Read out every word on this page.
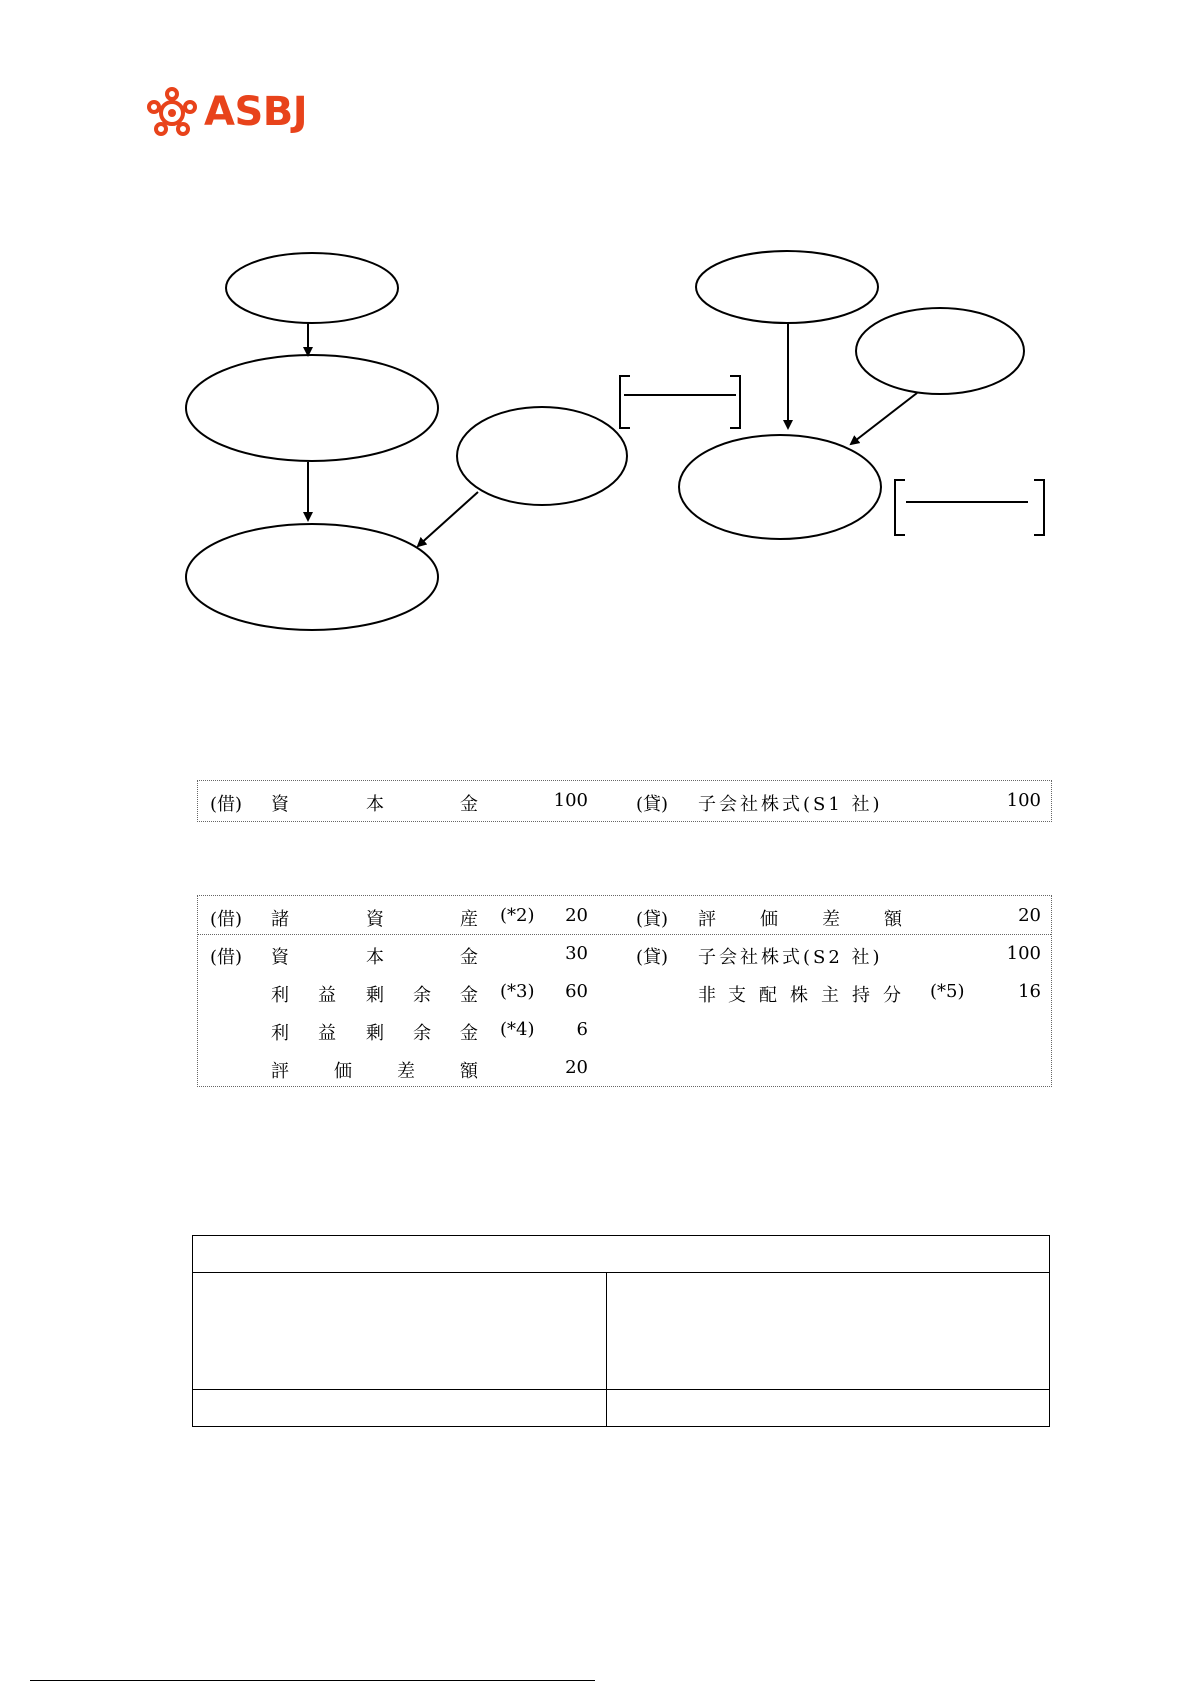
ASBJ
(借) 資	本	金	100	(貸) 子会社株式(S1 社)	100
(借) 諸	資	産 (*2) 20	(貸) 評 価 差 額	20
(借) 資	本	金	30	(貸) 子会社株式(S2 社)	100
利 益 剰 余 金 (*3) 60	非 支 配 株 主 持 分 (*5)	16
利 益 剰 余 金 (*4) 6
評	価	差	額	20
